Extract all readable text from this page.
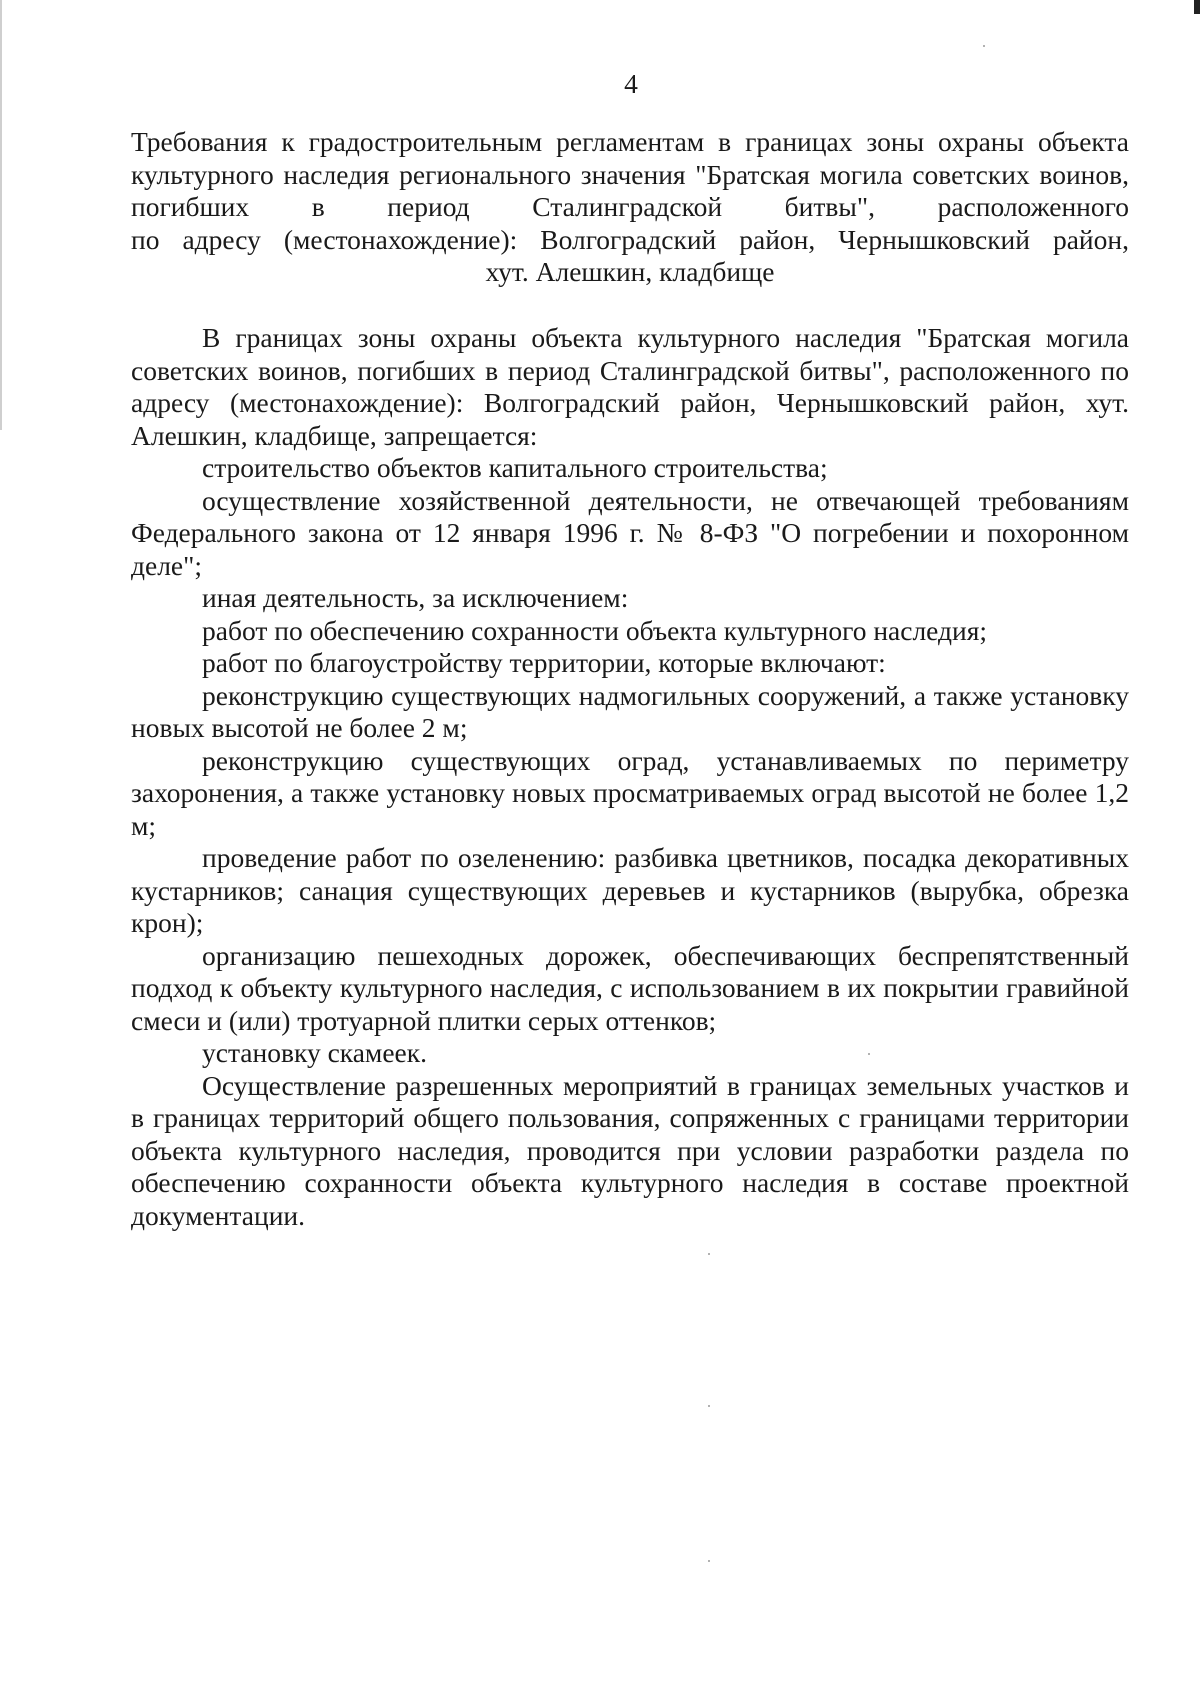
4
Требования к градостроительным регламентам в границах зоны охраны объекта
культурного наследия регионального значения "Братская могила советских воинов,
погибших в период Сталинградской битвы", расположенного
по адресу (местонахождение): Волгоградский район, Чернышковский район,
хут. Алешкин, кладбище

В границах зоны охраны объекта культурного наследия "Братская могила советских воинов, погибших в период Сталинградской битвы", расположенного по адресу (местонахождение): Волгоградский район, Чернышковский район, хут. Алешкин, кладбище, запрещается:

строительство объектов капитального строительства;

осуществление хозяйственной деятельности, не отвечающей требованиям Федерального закона от 12 января 1996 г. № 8-ФЗ "О погребении и похоронном деле";

иная деятельность, за исключением:

работ по обеспечению сохранности объекта культурного наследия;

работ по благоустройству территории, которые включают:

реконструкцию существующих надмогильных сооружений, а также установку новых высотой не более 2 м;

реконструкцию существующих оград, устанавливаемых по периметру захоронения, а также установку новых просматриваемых оград высотой не более 1,2 м;

проведение работ по озеленению: разбивка цветников, посадка декоративных кустарников; санация существующих деревьев и кустарников (вырубка, обрезка крон);

организацию пешеходных дорожек, обеспечивающих беспрепятственный подход к объекту культурного наследия, с использованием в их покрытии гравийной смеси и (или) тротуарной плитки серых оттенков;

установку скамеек.

Осуществление разрешенных мероприятий в границах земельных участков и в границах территорий общего пользования, сопряженных с границами территории объекта культурного наследия, проводится при условии разработки раздела по обеспечению сохранности объекта культурного наследия в составе проектной документации.
